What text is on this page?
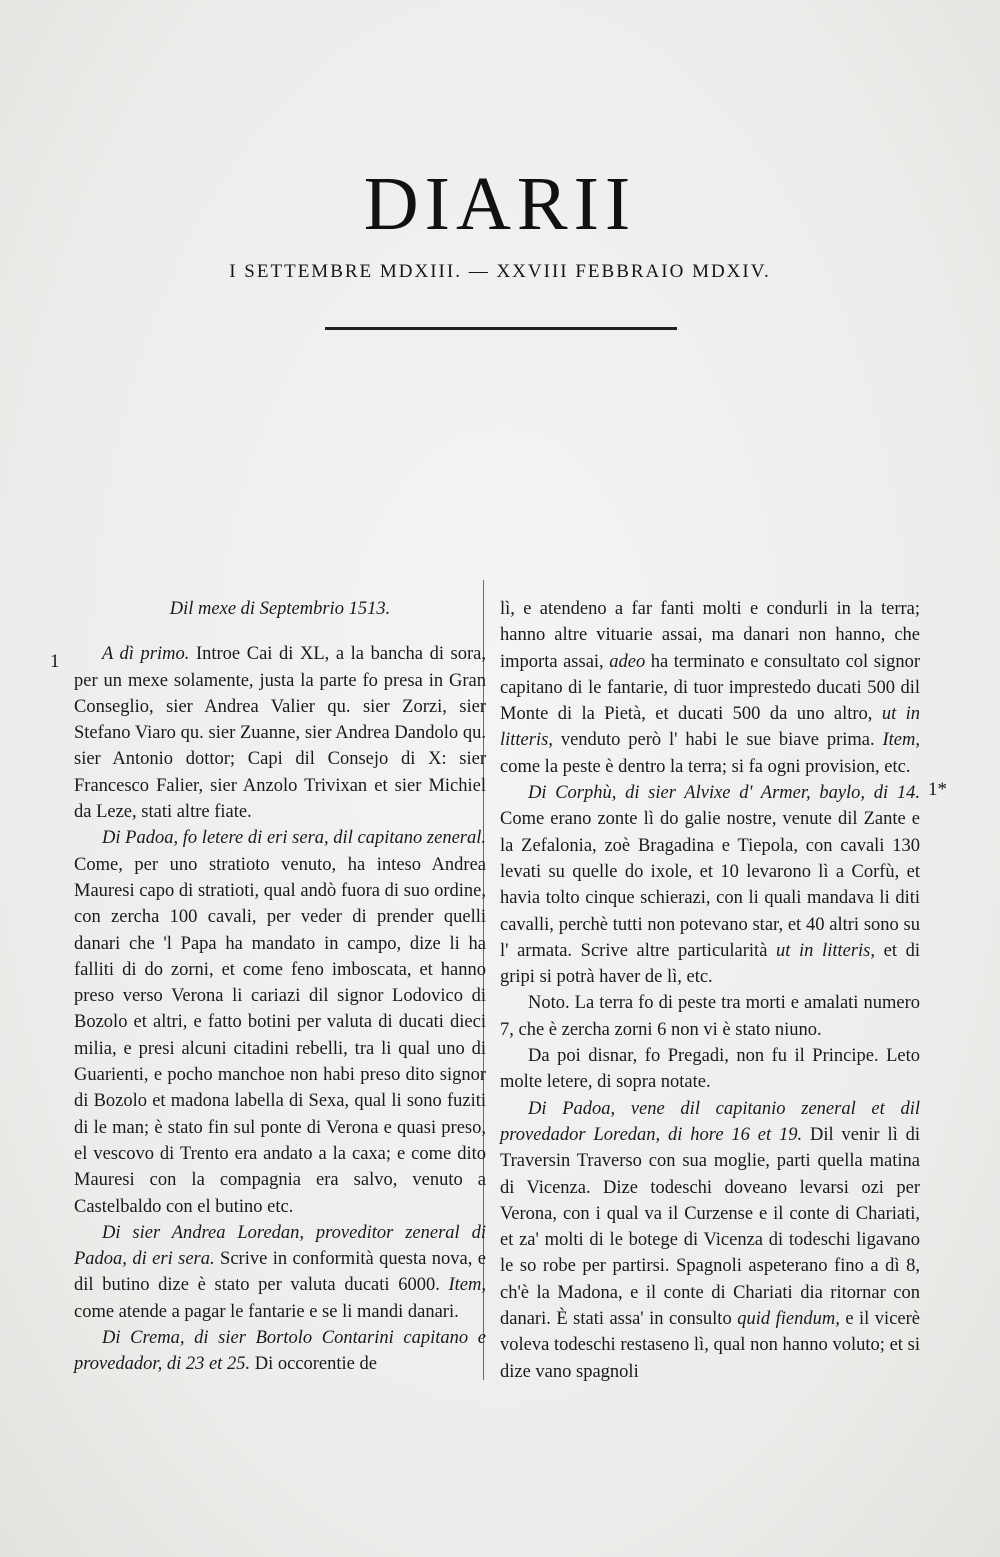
DIARII
I SETTEMBRE MDXIII. — XXVIII FEBBRAIO MDXIV.
1
1*

Dil mexe di Septembrio 1513.

A dì primo. Introe Cai di XL, a la bancha di sora, per un mexe solamente, justa la parte fo presa in Gran Conseglio, sier Andrea Valier qu. sier Zorzi, sier Stefano Viaro qu. sier Zuanne, sier Andrea Dandolo qu. sier Antonio dottor; Capi dil Consejo di X: sier Francesco Falier, sier Anzolo Trivixan et sier Michiel da Leze, stati altre fiate.

Di Padoa, fo letere di eri sera, dil capitano zeneral. Come, per uno stratioto venuto, ha inteso Andrea Mauresi capo di stratioti, qual andò fuora di suo ordine, con zercha 100 cavali, per veder di prender quelli danari che 'l Papa ha mandato in campo, dize li ha falliti di do zorni, et come feno imboscata, et hanno preso verso Verona li cariazi dil signor Lodovico di Bozolo et altri, e fatto botini per valuta di ducati dieci milia, e presi alcuni citadini rebelli, tra li qual uno di Guarienti, e pocho manchoe non habi preso dito signor di Bozolo et madona labella di Sexa, qual li sono fuziti di le man; è stato fin sul ponte di Verona e quasi preso, el vescovo di Trento era andato a la caxa; e come dito Mauresi con la compagnia era salvo, venuto a Castelbaldo con el butino etc.

Di sier Andrea Loredan, proveditor zeneral di Padoa, di eri sera. Scrive in conformità questa nova, e dil butino dize è stato per valuta ducati 6000. Item, come atende a pagar le fantarie e se li mandi danari.

Di Crema, di sier Bortolo Contarini capitano e provedador, di 23 et 25. Di occorentie de

lì, e atendeno a far fanti molti e condurli in la terra; hanno altre vituarie assai, ma danari non hanno, che importa assai, adeo ha terminato e consultato col signor capitano di le fantarie, di tuor imprestedo ducati 500 dil Monte di la Pietà, et ducati 500 da uno altro, ut in litteris, venduto però l' habi le sue biave prima. Item, come la peste è dentro la terra; si fa ogni provision, etc.

Di Corphù, di sier Alvixe d' Armer, baylo, di 14. Come erano zonte lì do galie nostre, venute dil Zante e la Zefalonia, zoè Bragadina e Tiepola, con cavali 130 levati su quelle do ixole, et 10 levarono lì a Corfù, et havia tolto cinque schierazi, con li quali mandava li diti cavalli, perchè tutti non potevano star, et 40 altri sono su l' armata. Scrive altre particularità ut in litteris, et di gripi si potrà haver de lì, etc.

Noto. La terra fo di peste tra morti e amalati numero 7, che è zercha zorni 6 non vi è stato niuno.

Da poi disnar, fo Pregadi, non fu il Principe. Leto molte letere, di sopra notate.

Di Padoa, vene dil capitanio zeneral et dil provedador Loredan, di hore 16 et 19. Dil venir lì di Traversin Traverso con sua moglie, parti quella matina di Vicenza. Dize todeschi doveano levarsi ozi per Verona, con i qual va il Curzense e il conte di Chariati, et za' molti di le botege di Vicenza di todeschi ligavano le so robe per partirsi. Spagnoli aspeterano fino a dì 8, ch'è la Madona, e il conte di Chariati dia ritornar con danari. È stati assa' in consulto quid fiendum, e il vicerè voleva todeschi restaseno lì, qual non hanno voluto; et si dize vano spagnoli
